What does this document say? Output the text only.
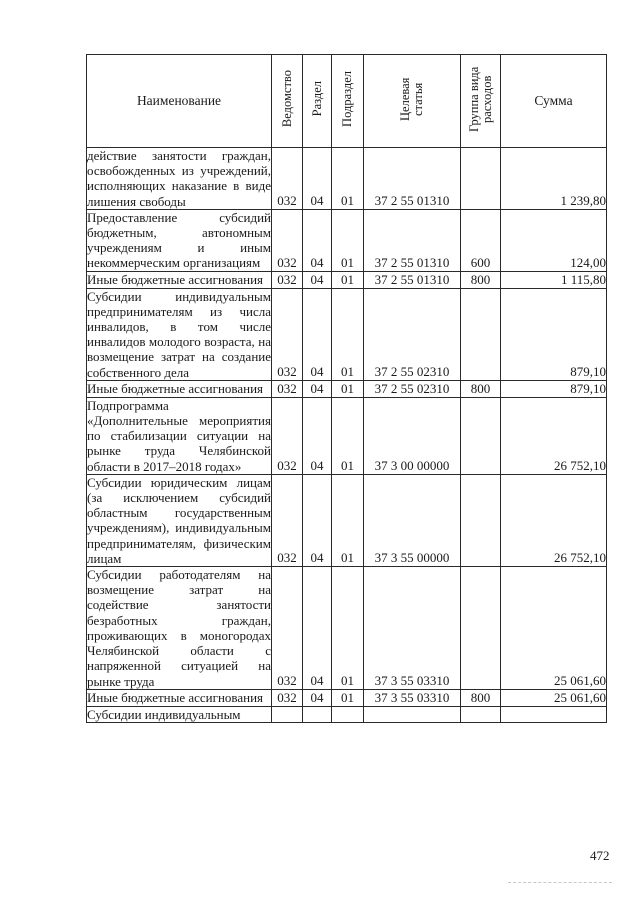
Наименование	Ведомство	Раздел	Подраздел	Целевая статья	Группа вида расходов	Сумма

действие занятости граждан, освобожденных из учреждений, исполняющих наказание в виде лишения свободы	032	04	01	37 2 55 01310		1 239,80

Предоставление субсидий бюджетным, автономным учреждениям и иным некоммерческим организациям	032	04	01	37 2 55 01310	600	124,00

Иные бюджетные ассигнования	032	04	01	37 2 55 01310	800	1 115,80

Субсидии индивидуальным предпринимателям из числа инвалидов, в том числе инвалидов молодого возраста, на возмещение затрат на создание собственного дела	032	04	01	37 2 55 02310		879,10

Иные бюджетные ассигнования	032	04	01	37 2 55 02310	800	879,10

Подпрограмма «Дополнительные мероприятия по стабилизации ситуации на рынке труда Челябинской области в 2017–2018 годах»	032	04	01	37 3 00 00000		26 752,10

Субсидии юридическим лицам (за исключением субсидий областным государственным учреждениям), индивидуальным предпринимателям, физическим лицам	032	04	01	37 3 55 00000		26 752,10

Субсидии работодателям на возмещение затрат на содействие занятости безработных граждан, проживающих в моногородах Челябинской области с напряженной ситуацией на рынке труда	032	04	01	37 3 55 03310		25 061,60

Иные бюджетные ассигнования	032	04	01	37 3 55 03310	800	25 061,60

Субсидии индивидуальным						

472
